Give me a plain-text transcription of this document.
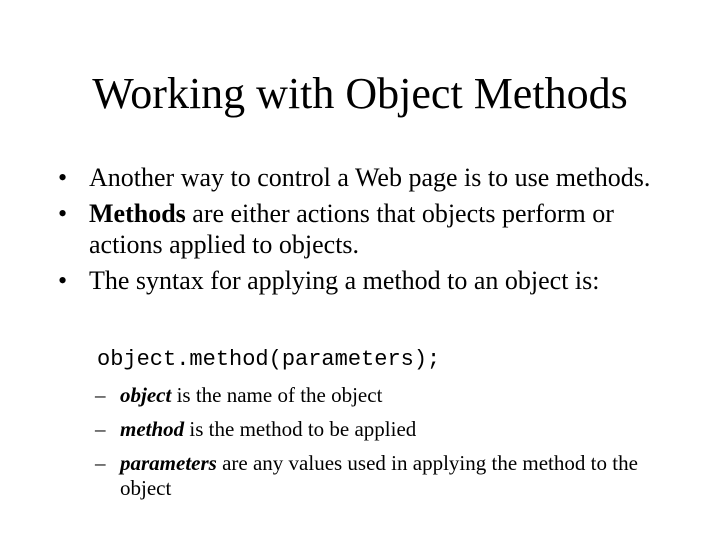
Working with Object Methods
• Another way to control a Web page is to use methods.
• Methods are either actions that objects perform or actions applied to objects.
• The syntax for applying a method to an object is:
object.method(parameters);
– object is the name of the object
– method is the method to be applied
– parameters are any values used in applying the method to the object
